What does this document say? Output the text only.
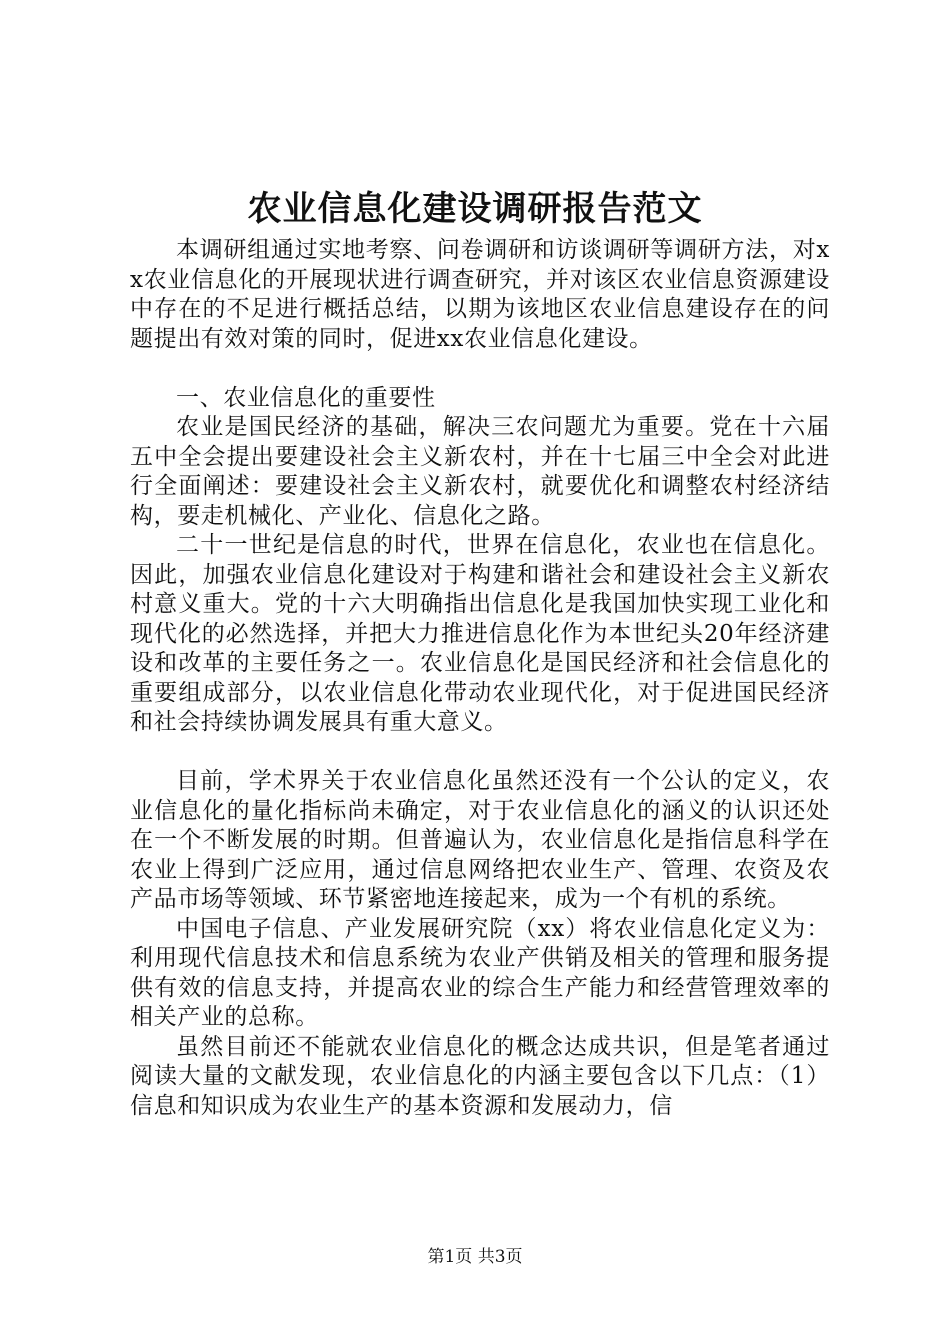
农业信息化建设调研报告范文

本调研组通过实地考察、问卷调研和访谈调研等调研方法，对xx农业信息化的开展现状进行调查研究，并对该区农业信息资源建设中存在的不足进行概括总结，以期为该地区农业信息建设存在的问题提出有效对策的同时，促进xx农业信息化建设。

一、农业信息化的重要性

农业是国民经济的基础，解决三农问题尤为重要。党在十六届五中全会提出要建设社会主义新农村，并在十七届三中全会对此进行全面阐述：要建设社会主义新农村，就要优化和调整农村经济结构，要走机械化、产业化、信息化之路。

二十一世纪是信息的时代，世界在信息化，农业也在信息化。因此，加强农业信息化建设对于构建和谐社会和建设社会主义新农村意义重大。党的十六大明确指出信息化是我国加快实现工业化和现代化的必然选择，并把大力推进信息化作为本世纪头20年经济建设和改革的主要任务之一。农业信息化是国民经济和社会信息化的重要组成部分，以农业信息化带动农业现代化，对于促进国民经济和社会持续协调发展具有重大意义。

目前，学术界关于农业信息化虽然还没有一个公认的定义，农业信息化的量化指标尚未确定，对于农业信息化的涵义的认识还处在一个不断发展的时期。但普遍认为，农业信息化是指信息科学在农业上得到广泛应用，通过信息网络把农业生产、管理、农资及农产品市场等领域、环节紧密地连接起来，成为一个有机的系统。

中国电子信息、产业发展研究院（xx）将农业信息化定义为：利用现代信息技术和信息系统为农业产供销及相关的管理和服务提供有效的信息支持，并提高农业的综合生产能力和经营管理效率的相关产业的总称。

虽然目前还不能就农业信息化的概念达成共识，但是笔者通过阅读大量的文献发现，农业信息化的内涵主要包含以下几点：（1）信息和知识成为农业生产的基本资源和发展动力，信

第1页 共3页
